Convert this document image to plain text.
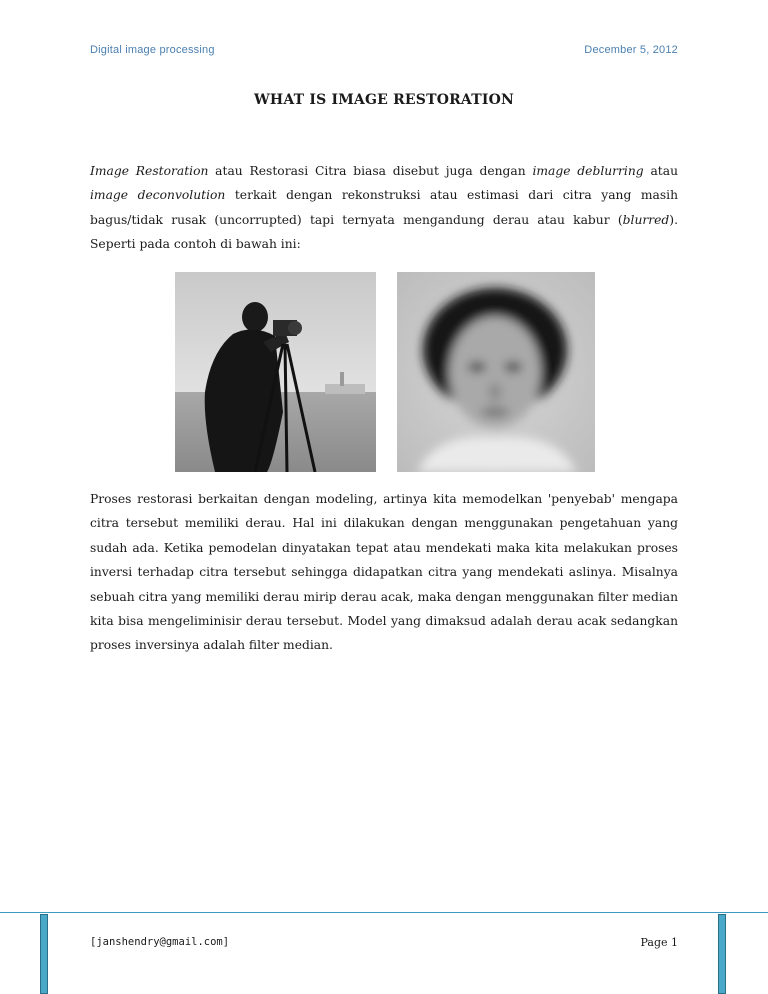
Digital image processing	December 5, 2012
WHAT IS IMAGE RESTORATION

Image Restoration atau Restorasi Citra biasa disebut juga dengan image deblurring atau image deconvolution terkait dengan rekonstruksi atau estimasi dari citra yang masih bagus/tidak rusak (uncorrupted) tapi ternyata mengandung derau atau kabur (blurred). Seperti pada contoh di bawah ini:

Proses restorasi berkaitan dengan modeling, artinya kita memodelkan 'penyebab' mengapa citra tersebut memiliki derau. Hal ini dilakukan dengan menggunakan pengetahuan yang sudah ada. Ketika pemodelan dinyatakan tepat atau mendekati maka kita melakukan proses inversi terhadap citra tersebut sehingga didapatkan citra yang mendekati aslinya. Misalnya sebuah citra yang memiliki derau mirip derau acak, maka dengan menggunakan filter median kita bisa mengeliminisir derau tersebut. Model yang dimaksud adalah derau acak sedangkan proses inversinya adalah filter median.

[janshendry@gmail.com]	Page 1
